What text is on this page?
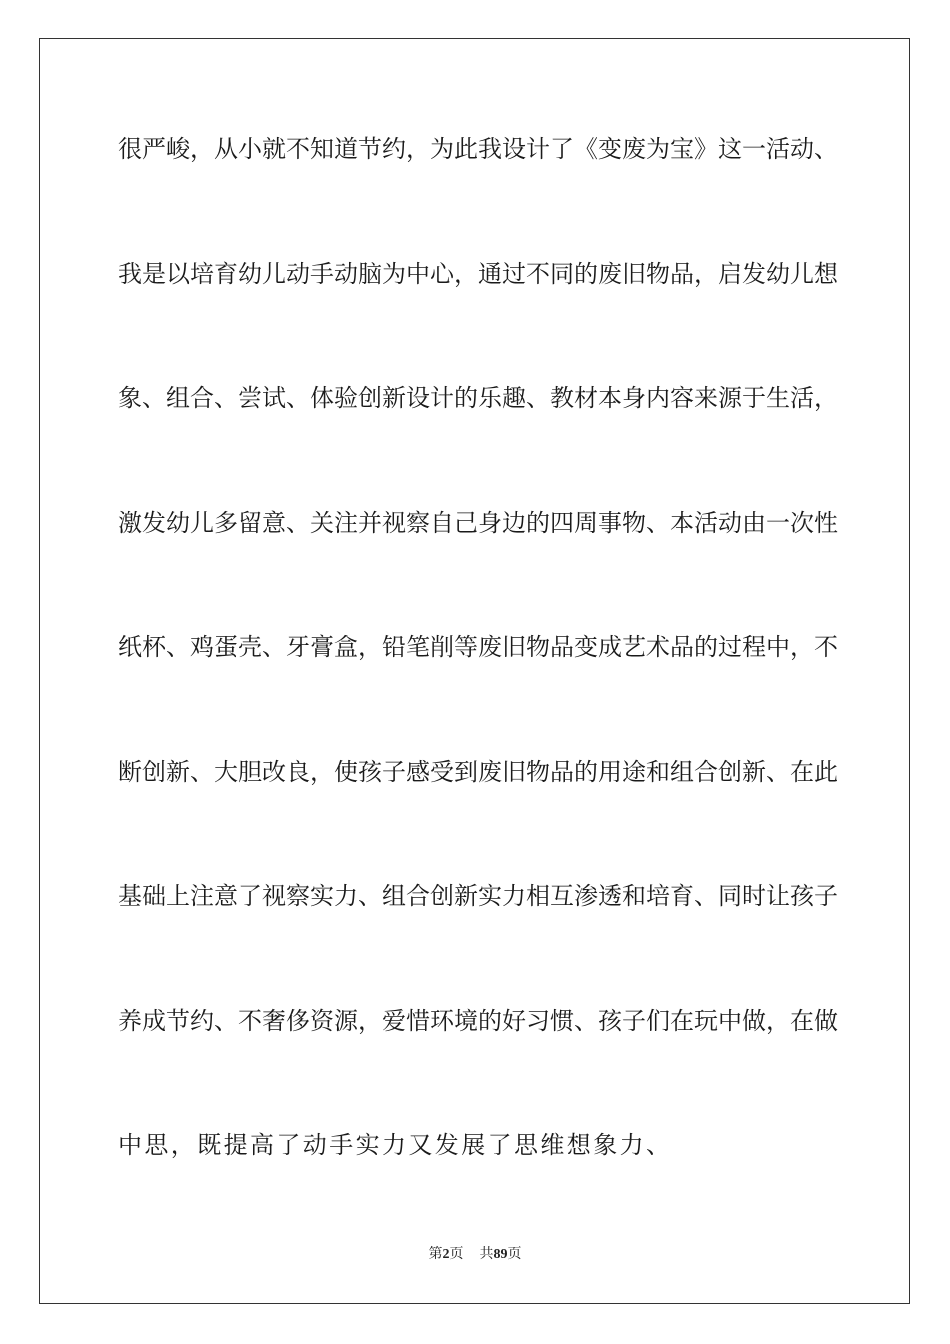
很严峻，从小就不知道节约，为此我设计了《变废为宝》这一活动、
我是以培育幼儿动手动脑为中心，通过不同的废旧物品，启发幼儿想
象、组合、尝试、体验创新设计的乐趣、教材本身内容来源于生活，
激发幼儿多留意、关注并视察自己身边的四周事物、本活动由一次性
纸杯、鸡蛋壳、牙膏盒，铅笔削等废旧物品变成艺术品的过程中，不
断创新、大胆改良，使孩子感受到废旧物品的用途和组合创新、在此
基础上注意了视察实力、组合创新实力相互渗透和培育、同时让孩子
养成节约、不奢侈资源，爱惜环境的好习惯、孩子们在玩中做，在做
中思，既提高了动手实力又发展了思维想象力、
第2页 共89页
